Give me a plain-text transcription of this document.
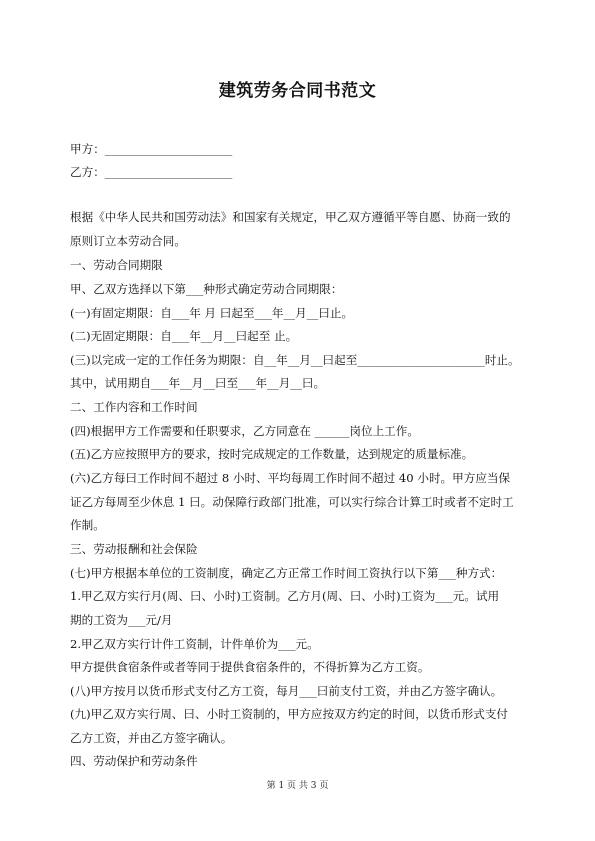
建筑劳务合同书范文

甲方：______________________

乙方：______________________

根据《中华人民共和国劳动法》和国家有关规定，甲乙双方遵循平等自愿、协商一致的

原则订立本劳动合同。

一、劳动合同期限

甲、乙双方选择以下第___种形式确定劳动合同期限：

(一)有固定期限：自___年 月 曰起至___年__月__曰止。

(二)无固定期限：自___年__月__曰起至 止。

(三)以完成一定的工作任务为期限：自__年__月__曰起至______________________时止。

其中，试用期自___年__月__曰至___年__月__曰。

二、工作内容和工作时间

(四)根据甲方工作需要和任职要求，乙方同意在 ______岗位上工作。

(五)乙方应按照甲方的要求，按时完成规定的工作数量，达到规定的质量标准。

(六)乙方每曰工作时间不超过 8 小时、平均每周工作时间不超过 40 小时。甲方应当保

证乙方每周至少休息 1 曰。动保障行政部门批准，可以实行综合计算工时或者不定时工

作制。

三、劳动报酬和社会保险

(七)甲方根据本单位的工资制度，确定乙方正常工作时间工资执行以下第___种方式：

1.甲乙双方实行月(周、曰、小时)工资制。乙方月(周、曰、小时)工资为___元。试用

期的工资为___元/月

2.甲乙双方实行计件工资制，计件单价为___元。

甲方提供食宿条件或者等同于提供食宿条件的，不得折算为乙方工资。

(八)甲方按月以货币形式支付乙方工资，每月___曰前支付工资，并由乙方签字确认。

(九)甲乙双方实行周、曰、小时工资制的，甲方应按双方约定的时间，以货币形式支付

乙方工资，并由乙方签字确认。

四、劳动保护和劳动条件

第 1 页 共 3 页
